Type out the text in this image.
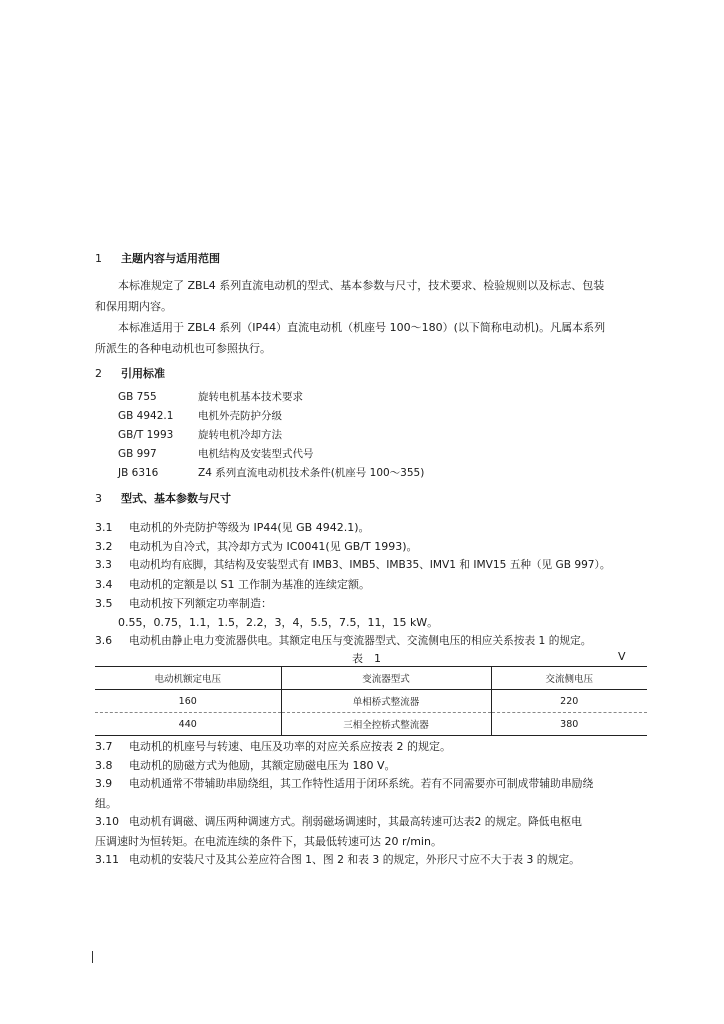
1 主题内容与适用范围
本标准规定了 ZBL4 系列直流电动机的型式、基本参数与尺寸，技术要求、检验规则以及标志、包装
和保用期内容。
本标准适用于 ZBL4 系列（IP44）直流电动机（机座号 100～180）(以下简称电动机)。凡属本系列
所派生的各种电动机也可参照执行。
2 引用标准
GB 755	旋转电机基本技术要求
GB 4942.1 电机外壳防护分级
GB/T 1993 旋转电机冷却方法
GB 997	电机结构及安装型式代号
JB 6316	Z4 系列直流电动机技术条件(机座号 100～355)
3 型式、基本参数与尺寸
3.1 电动机的外壳防护等级为 IP44(见 GB 4942.1)。
3.2 电动机为自冷式，其冷却方式为 IC0041(见 GB/T 1993)。
3.3 电动机均有底脚，其结构及安装型式有 IMB3、IMB5、IMB35、IMV1 和 IMV15 五种（见 GB 997）。
3.4 电动机的定额是以 S1 工作制为基准的连续定额。
3.5 电动机按下列额定功率制造：
0.55，0.75，1.1，1.5，2.2，3，4，5.5，7.5，11，15 kW。
3.6 电动机由静止电力变流器供电。其额定电压与变流器型式、交流侧电压的相应关系按表 1 的规定。
表　1	V
电动机额定电压	变流器型式	交流侧电压
160	单相桥式整流器	220
440	三相全控桥式整流器	380
3.7 电动机的机座号与转速、电压及功率的对应关系应按表 2 的规定。
3.8 电动机的励磁方式为他励，其额定励磁电压为 180 V。
3.9 电动机通常不带辅助串励绕组，其工作特性适用于闭环系统。若有不同需要亦可制成带辅助串励绕
组。
3.10 电动机有调磁、调压两种调速方式。削弱磁场调速时，其最高转速可达表2 的规定。降低电枢电
压调速时为恒转矩。在电流连续的条件下，其最低转速可达 20 r/min。
3.11 电动机的安装尺寸及其公差应符合图 1、图 2 和表 3 的规定，外形尺寸应不大于表 3 的规定。
